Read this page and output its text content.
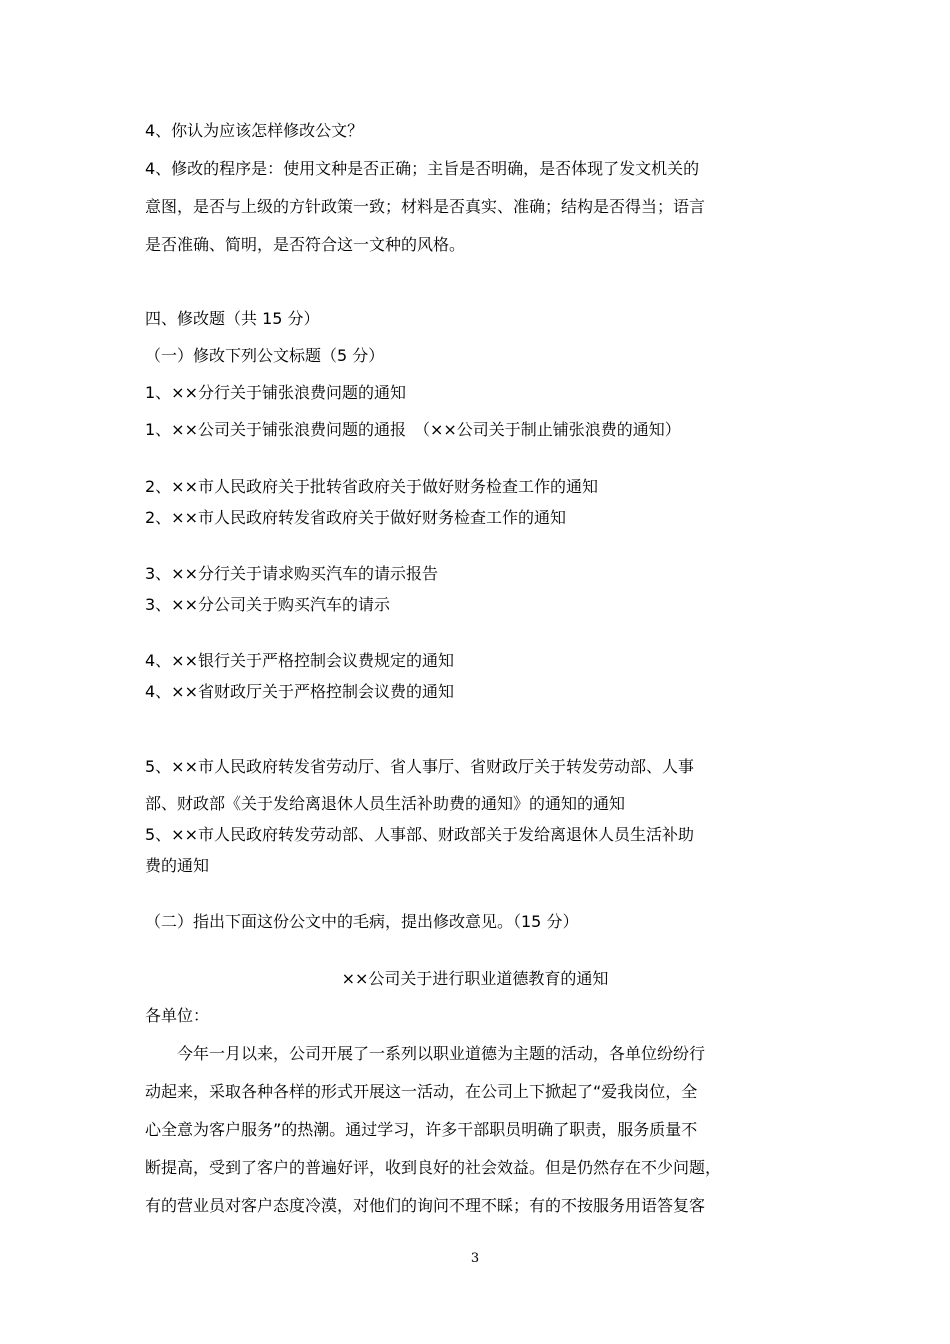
4、你认为应该怎样修改公文？
4、修改的程序是：使用文种是否正确；主旨是否明确，是否体现了发文机关的
意图，是否与上级的方针政策一致；材料是否真实、准确；结构是否得当；语言
是否准确、简明，是否符合这一文种的风格。
四、修改题（共 15 分）
（一）修改下列公文标题（5 分）
1、××分行关于铺张浪费问题的通知
1、××公司关于铺张浪费问题的通报　（××公司关于制止铺张浪费的通知）
2、××市人民政府关于批转省政府关于做好财务检查工作的通知
2、××市人民政府转发省政府关于做好财务检查工作的通知
3、××分行关于请求购买汽车的请示报告
3、××分公司关于购买汽车的请示
4、××银行关于严格控制会议费规定的通知
4、××省财政厅关于严格控制会议费的通知
5、××市人民政府转发省劳动厅、省人事厅、省财政厅关于转发劳动部、人事
部、财政部《关于发给离退休人员生活补助费的通知》的通知的通知
5、××市人民政府转发劳动部、人事部、财政部关于发给离退休人员生活补助
费的通知
（二）指出下面这份公文中的毛病，提出修改意见。（15 分）
××公司关于进行职业道德教育的通知
各单位：
　　今年一月以来，公司开展了一系列以职业道德为主题的活动，各单位纷纷行
动起来，采取各种各样的形式开展这一活动，在公司上下掀起了“爱我岗位，全
心全意为客户服务”的热潮。通过学习，许多干部职员明确了职责，服务质量不
断提高，受到了客户的普遍好评，收到良好的社会效益。但是仍然存在不少问题，
有的营业员对客户态度冷漠，对他们的询问不理不睬；有的不按服务用语答复客
3
